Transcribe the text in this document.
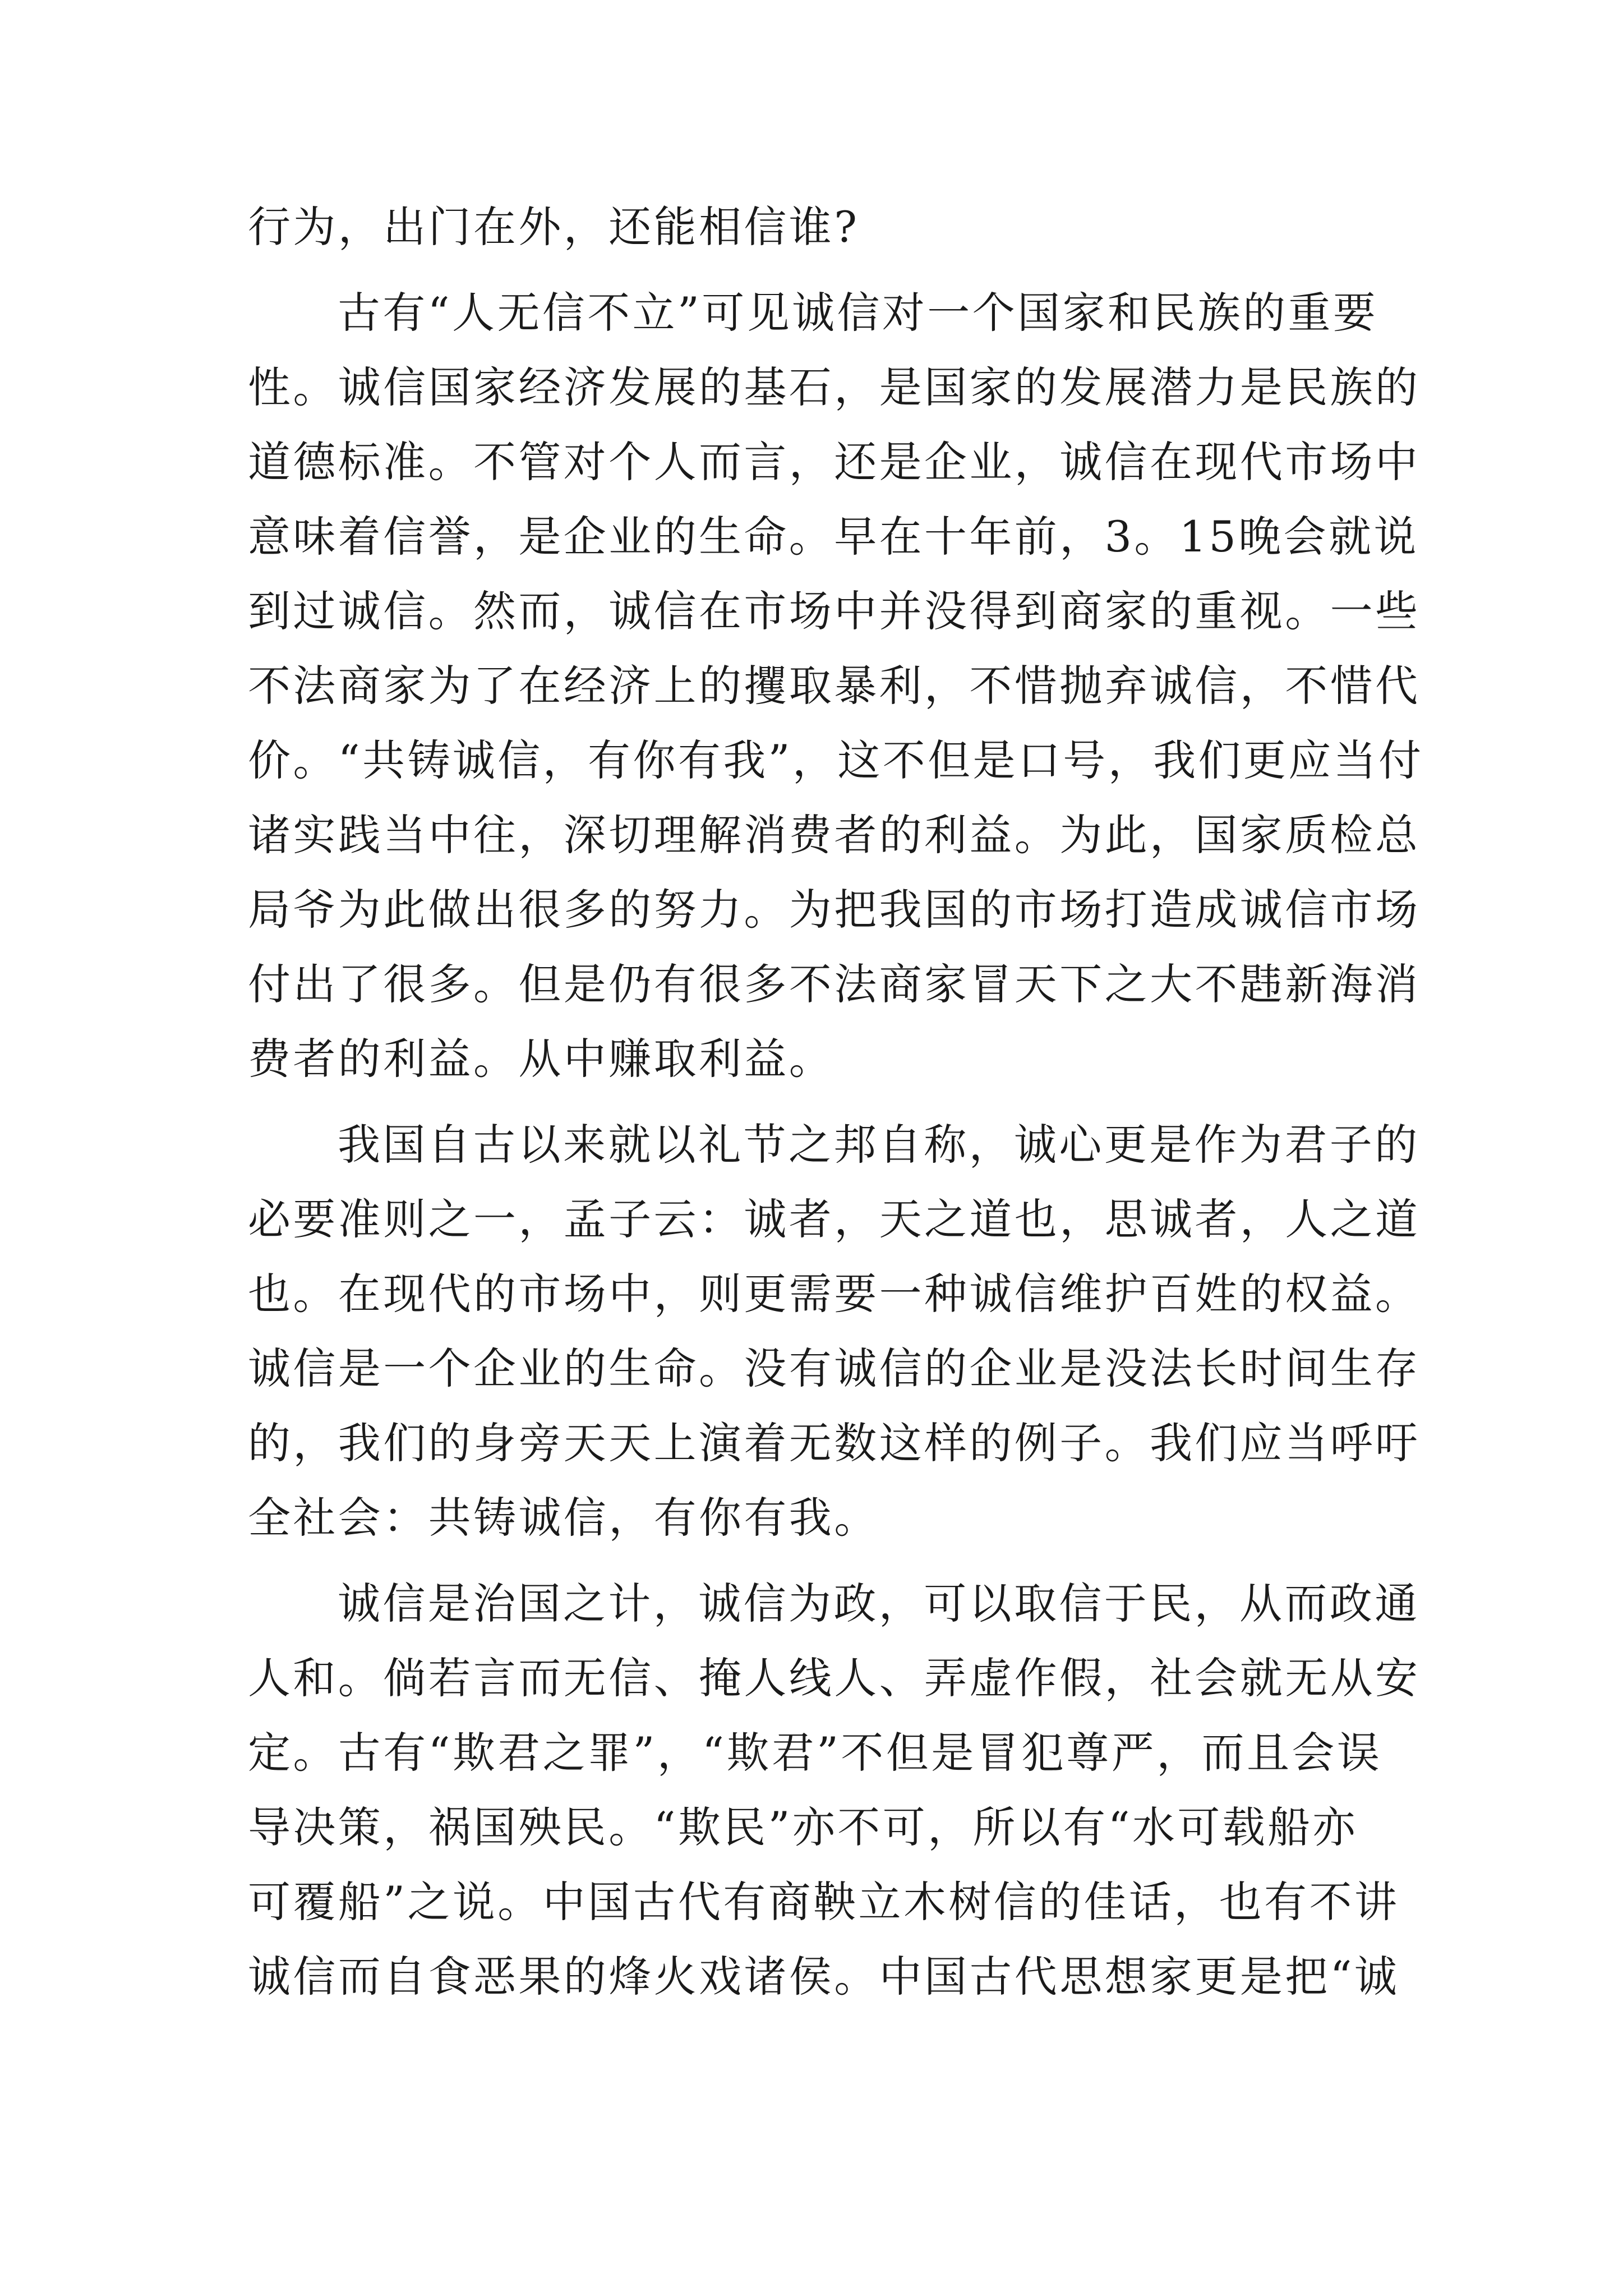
行为，出门在外，还能相信谁?
古有“人无信不立”可见诚信对一个国家和民族的重要
性。诚信国家经济发展的基石，是国家的发展潜力是民族的
道德标准。不管对个人而言，还是企业，诚信在现代市场中
意味着信誉，是企业的生命。早在十年前，3。15晚会就说
到过诚信。然而，诚信在市场中并没得到商家的重视。一些
不法商家为了在经济上的攫取暴利，不惜抛弃诚信，不惜代
价。“共铸诚信，有你有我”，这不但是口号，我们更应当付
诸实践当中往，深切理解消费者的利益。为此，国家质检总
局爷为此做出很多的努力。为把我国的市场打造成诚信市场
付出了很多。但是仍有很多不法商家冒天下之大不韪新海消
费者的利益。从中赚取利益。
我国自古以来就以礼节之邦自称，诚心更是作为君子的
必要准则之一，孟子云：诚者，天之道也，思诚者，人之道
也。在现代的市场中，则更需要一种诚信维护百姓的权益。
诚信是一个企业的生命。没有诚信的企业是没法长时间生存
的，我们的身旁天天上演着无数这样的例子。我们应当呼吁
全社会：共铸诚信，有你有我。
诚信是治国之计，诚信为政，可以取信于民，从而政通
人和。倘若言而无信、掩人线人、弄虚作假，社会就无从安
定。古有“欺君之罪”，“欺君”不但是冒犯尊严，而且会误
导决策，祸国殃民。“欺民”亦不可，所以有“水可载船亦
可覆船”之说。中国古代有商鞅立木树信的佳话，也有不讲
诚信而自食恶果的烽火戏诸侯。中国古代思想家更是把“诚
